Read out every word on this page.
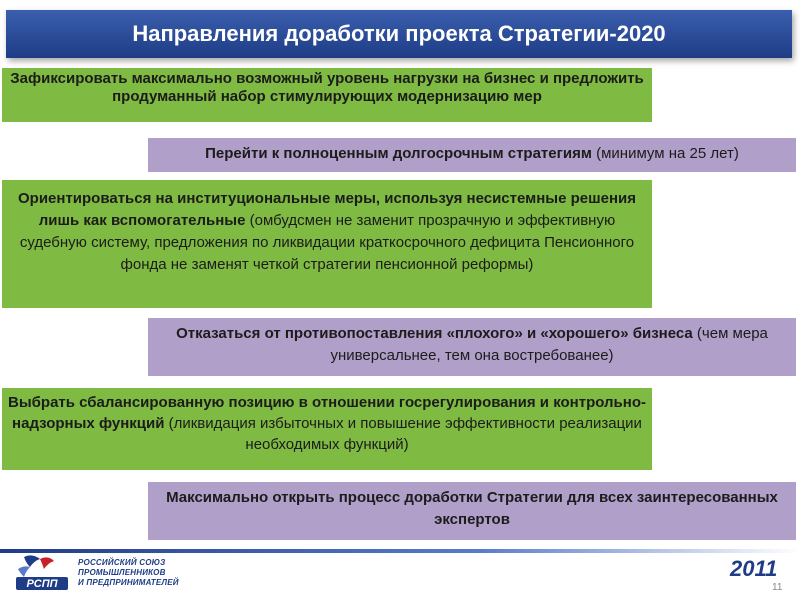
Направления доработки проекта Стратегии-2020
Зафиксировать максимально возможный уровень нагрузки на бизнес и предложить продуманный набор стимулирующих модернизацию мер
Перейти к полноценным долгосрочным стратегиям (минимум на 25 лет)
Ориентироваться на институциональные меры, используя несистемные решения лишь как вспомогательные (омбудсмен не заменит прозрачную и эффективную судебную систему, предложения по ликвидации краткосрочного дефицита Пенсионного фонда не заменят четкой стратегии пенсионной реформы)
Отказаться от противопоставления «плохого» и «хорошего» бизнеса (чем мера универсальнее, тем она востребованее)
Выбрать сбалансированную позицию в отношении госрегулирования и контрольно-надзорных функций (ликвидация избыточных и повышение эффективности реализации необходимых функций)
Максимально открыть процесс доработки Стратегии для всех заинтересованных экспертов
РСПП
РОССИЙСКИЙ СОЮЗ
ПРОМЫШЛЕННИКОВ
И ПРЕДПРИНИМАТЕЛЕЙ
2011
11
